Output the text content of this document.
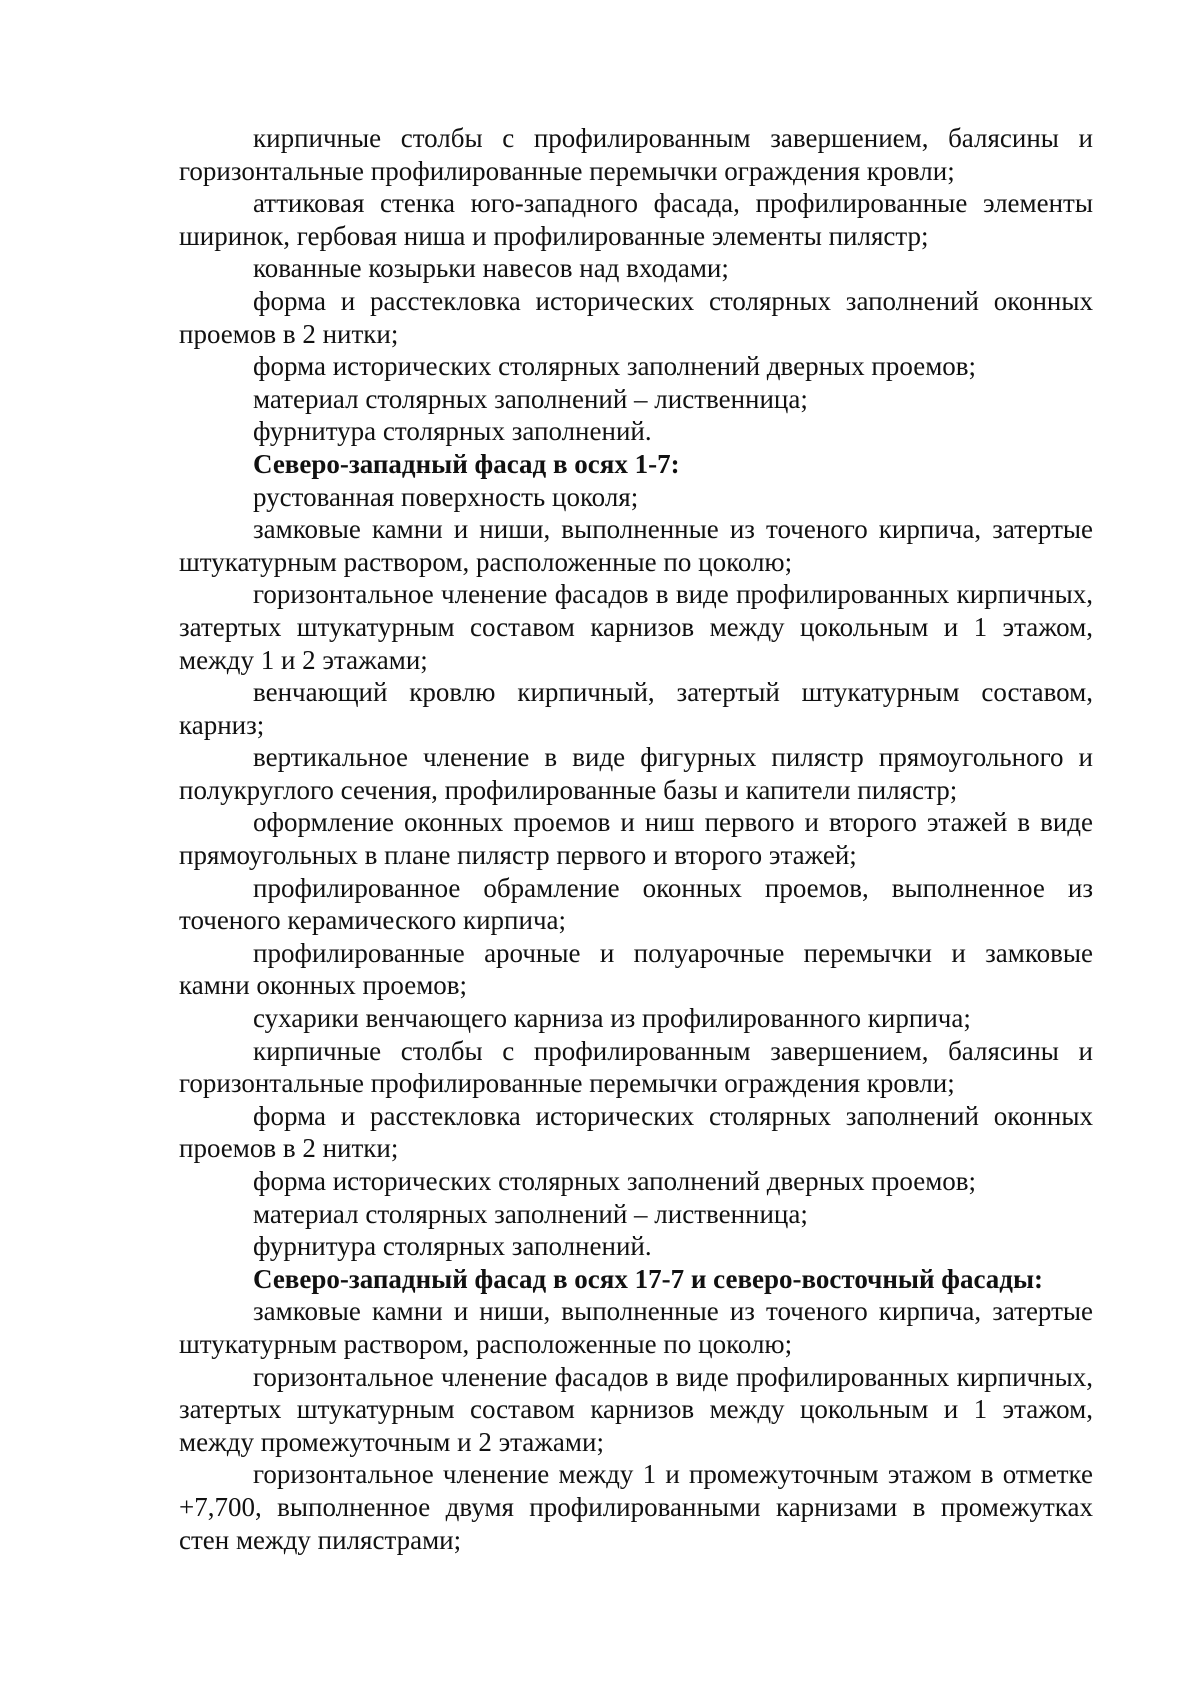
кирпичные столбы с профилированным завершением, балясины и горизонтальные профилированные перемычки ограждения кровли;

аттиковая стенка юго-западного фасада, профилированные элементы ширинок, гербовая ниша и профилированные элементы пилястр;

кованные козырьки навесов над входами;

форма и расстекловка исторических столярных заполнений оконных проемов в 2 нитки;

форма исторических столярных заполнений дверных проемов;

материал столярных заполнений – лиственница;

фурнитура столярных заполнений.

Северо-западный фасад в осях 1-7:

рустованная поверхность цоколя;

замковые камни и ниши, выполненные из точеного кирпича, затертые штукатурным раствором, расположенные по цоколю;

горизонтальное членение фасадов в виде профилированных кирпичных, затертых штукатурным составом карнизов между цокольным и 1 этажом, между 1 и 2 этажами;

венчающий кровлю кирпичный, затертый штукатурным составом, карниз;

вертикальное членение в виде фигурных пилястр прямоугольного и полукруглого сечения, профилированные базы и капители пилястр;

оформление оконных проемов и ниш первого и второго этажей в виде прямоугольных в плане пилястр первого и второго этажей;

профилированное обрамление оконных проемов, выполненное из точеного керамического кирпича;

профилированные арочные и полуарочные перемычки и замковые камни оконных проемов;

сухарики венчающего карниза из профилированного кирпича;

кирпичные столбы с профилированным завершением, балясины и горизонтальные профилированные перемычки ограждения кровли;

форма и расстекловка исторических столярных заполнений оконных проемов в 2 нитки;

форма исторических столярных заполнений дверных проемов;

материал столярных заполнений – лиственница;

фурнитура столярных заполнений.

Северо-западный фасад в осях 17-7 и северо-восточный фасады:

замковые камни и ниши, выполненные из точеного кирпича, затертые штукатурным раствором, расположенные по цоколю;

горизонтальное членение фасадов в виде профилированных кирпичных, затертых штукатурным составом карнизов между цокольным и 1 этажом, между промежуточным и 2 этажами;

горизонтальное членение между 1 и промежуточным этажом в отметке +7,700, выполненное двумя профилированными карнизами в промежутках стен между пилястрами;
